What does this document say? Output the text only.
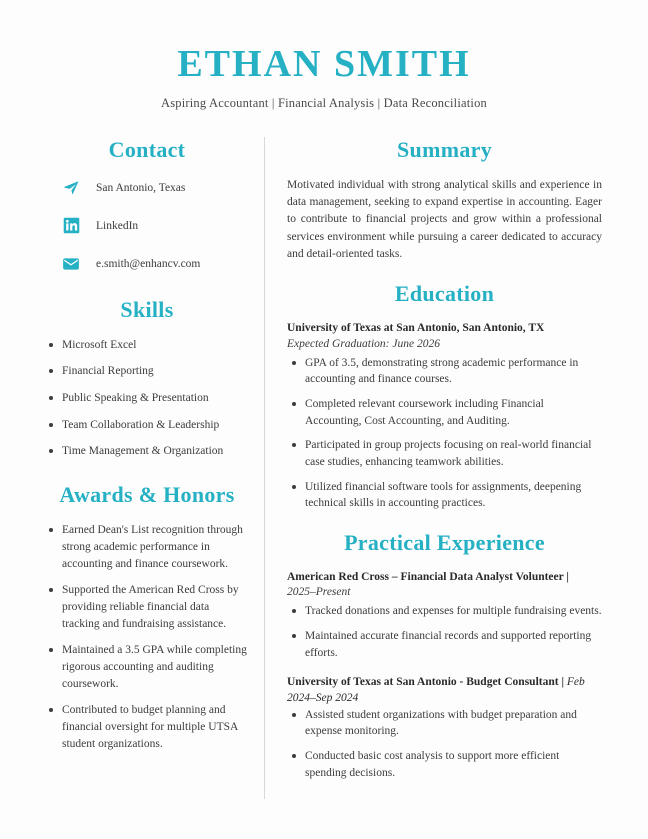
ETHAN SMITH
Aspiring Accountant | Financial Analysis | Data Reconciliation
Contact
San Antonio, Texas
LinkedIn
e.smith@enhancv.com
Skills
Microsoft Excel
Financial Reporting
Public Speaking & Presentation
Team Collaboration & Leadership
Time Management & Organization
Awards & Honors
Earned Dean's List recognition through strong academic performance in accounting and finance coursework.
Supported the American Red Cross by providing reliable financial data tracking and fundraising assistance.
Maintained a 3.5 GPA while completing rigorous accounting and auditing coursework.
Contributed to budget planning and financial oversight for multiple UTSA student organizations.
Summary
Motivated individual with strong analytical skills and experience in data management, seeking to expand expertise in accounting. Eager to contribute to financial projects and grow within a professional services environment while pursuing a career dedicated to accuracy and detail-oriented tasks.
Education
University of Texas at San Antonio, San Antonio, TX
Expected Graduation: June 2026
GPA of 3.5, demonstrating strong academic performance in accounting and finance courses.
Completed relevant coursework including Financial Accounting, Cost Accounting, and Auditing.
Participated in group projects focusing on real-world financial case studies, enhancing teamwork abilities.
Utilized financial software tools for assignments, deepening technical skills in accounting practices.
Practical Experience
American Red Cross – Financial Data Analyst Volunteer |
2025–Present
Tracked donations and expenses for multiple fundraising events.
Maintained accurate financial records and supported reporting efforts.
University of Texas at San Antonio - Budget Consultant | Feb 2024–Sep 2024
Assisted student organizations with budget preparation and expense monitoring.
Conducted basic cost analysis to support more efficient spending decisions.
